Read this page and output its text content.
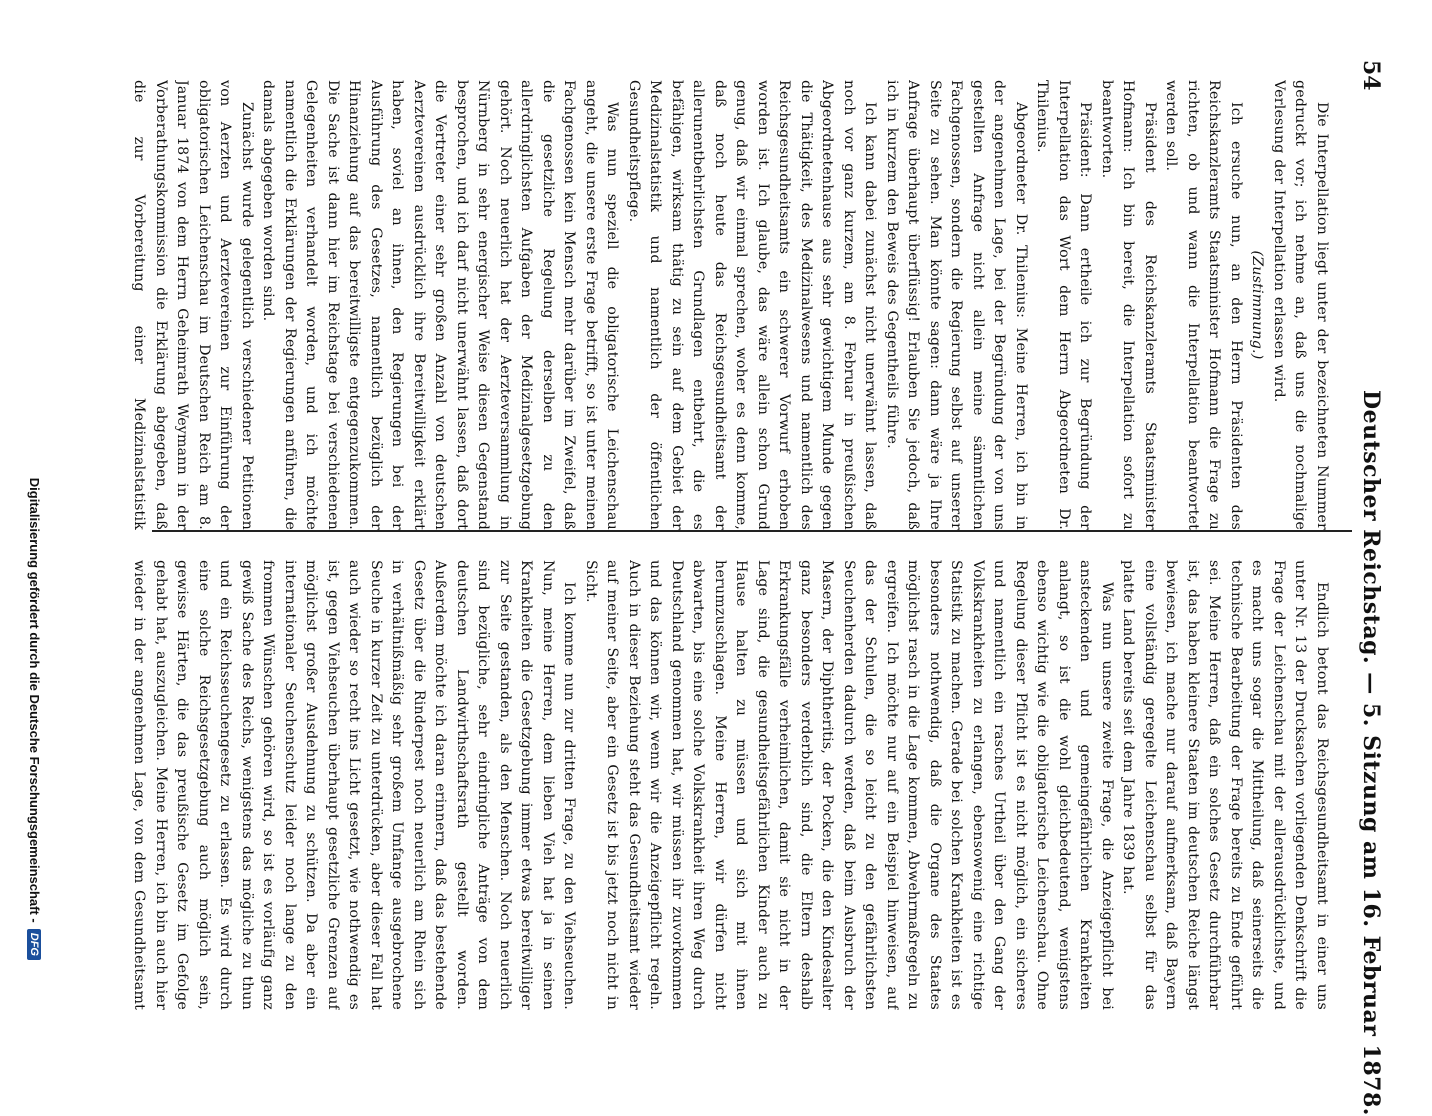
54
Deutscher Reichstag. — 5. Sitzung am 16. Februar 1878.

Die Interpellation liegt unter der bezeichneten Nummer gedruckt vor; ich nehme an, daß uns die nochmalige Verlesung der Interpellation erlassen wird.

(Zustimmung.)

Ich ersuche nun, an den Herrn Präsidenten des Reichskanzleramts Staatsminister Hofmann die Frage zu richten, ob und wann die Interpellation beantwortet werden soll.

Präsident des Reichskanzleramts Staatsminister Hofmann: Ich bin bereit, die Interpellation sofort zu beantworten.

Präsident: Dann ertheile ich zur Begründung der Interpellation das Wort dem Herrn Abgeordneten Dr. Thilenius.

Abgeordneter Dr. Thilenius: Meine Herren, ich bin in der angenehmen Lage, bei der Begründung der von uns gestellten Anfrage nicht allein meine sämmtlichen Fachgenossen, sondern die Regierung selbst auf unserer Seite zu sehen. Man könnte sagen: dann wäre ja Ihre Anfrage überhaupt überflüssig! Erlauben Sie jedoch, daß ich in kurzem den Beweis des Gegentheils führe.

Ich kann dabei zunächst nicht unerwähnt lassen, daß noch vor ganz kurzem, am 8. Februar in preußischen Abgeordnetenhause aus sehr gewichtigem Munde gegen die Thätigkeit, des Medizinalwesens und namentlich des Reichsgesundheitsamts ein schwerer Vorwurf erhoben worden ist. Ich glaube, das wäre allein schon Grund genug, daß wir einmal sprechen, woher es denn komme, daß noch heute das Reichsgesundheitsamt der allerunentbehrlichsten Grundlagen entbehrt, die es befähigen, wirksam thätig zu sein auf dem Gebiet der Medizinalstatistik und namentlich der öffentlichen Gesundheitspflege.

Was nun speziell die obligatorische Leichenschau angeht, die unsere erste Frage betrifft, so ist unter meinen Fachgenossen kein Mensch mehr darüber im Zweifel, daß die gesetzliche Regelung derselben zu den allerdringlichsten Aufgaben der Medizinalgesetzgebung gehört. Noch neuerlich hat der Aerzteversammlung in Nürnberg in sehr energischer Weise diesen Gegenstand besprochen, und ich darf nicht unerwähnt lassen, daß dort die Vertreter einer sehr großen Anzahl von deutschen Aerztevereinen ausdrücklich ihre Bereitwilligkeit erklärt haben, soviel an ihnen, den Regierungen bei der Ausführung des Gesetzes, namentlich bezüglich der Hinanziehung auf das bereitwilligste entgegenzukommen. Die Sache ist dann hier im Reichstage bei verschiedenen Gelegenheiten verhandelt worden, und ich möchte namentlich die Erklärungen der Regierungen anführen, die damals abgegeben worden sind.

Zunächst wurde gelegentlich verschiedener Petitionen von Aerzten und Aerztevereinen zur Einführung der obligatorischen Leichenschau im Deutschen Reich am 8. Januar 1874 von dem Herrn Geheimrath Weymann in der Vorberathungskommission die Erklärung abgegeben, daß die zur Vorbereitung einer Medizinalstatistik

Endlich betont das Reichsgesundheitsamt in einer uns unter Nr. 13 der Drucksachen vorliegenden Denkschrift die Frage der Leichenschau mit der allerausdrücklichste, und es macht uns sogar die Mittheilung, daß seinerseits die technische Bearbeitung der Frage bereits zu Ende geführt sei. Meine Herren, daß ein solches Gesetz durchführbar ist, das haben kleinere Staaten im deutschen Reiche längst bewiesen, ich mache nur darauf aufmerksam, daß Bayern eine vollständig geregelte Leichenschau selbst für das platte Land bereits seit dem Jahre 1839 hat.

Was nun unsere zweite Frage, die Anzeigepflicht bei ansteckenden und gemeingefährlichen Krankheiten anlangt, so ist die wohl gleichbedeutend, wenigstens ebenso wichtig wie die obligatorische Leichenschau. Ohne Regelung dieser Pflicht ist es nicht möglich, ein sicheres und namentlich ein rasches Urtheil über den Gang der Volkskrankheiten zu erlangen, ebensowenig eine richtige Statistik zu machen. Gerade bei solchen Krankheiten ist es besonders nothwendig, daß die Organe des Staates möglichst rasch in die Lage kommen, Abwehrmaßregeln zu ergreifen. Ich möchte nur auf ein Beispiel hinweisen, auf das der Schulen, die so leicht zu den gefährlichsten Seuchenherden dadurch werden, daß beim Ausbruch der Masern, der Diphtheritis, der Pocken, die den Kindesalter ganz besonders verderblich sind, die Eltern deshalb Erkrankungsfälle verheimlichen, damit sie nicht in der Lage sind, die gesundheitsgefährlichen Kinder auch zu Hause halten zu müssen und sich mit ihnen herumzuschlagen. Meine Herren, wir dürfen nicht abwarten, bis eine solche Volkskrankheit ihren Weg durch Deutschland genommen hat, wir müssen ihr zuvorkommen und das können wir, wenn wir die Anzeigepflicht regeln. Auch in dieser Beziehung steht das Gesundheitsamt wieder auf meiner Seite, aber ein Gesetz ist bis jetzt noch nicht in Sicht.

Ich komme nun zur dritten Frage, zu den Viehseuchen. Nun, meine Herren, dem lieben Vieh hat ja in seinen Krankheiten die Gesetzgebung immer etwas bereitwilliger zur Seite gestanden, als den Menschen. Noch neuerlich sind bezügliche, sehr eindringliche Anträge von dem deutschen Landwirthschaftsrath gestellt worden. Außerdem möchte ich daran erinnern, daß das bestehende Gesetz über die Rinderpest noch neuerlich am Rhein sich in verhältnißmäßig sehr großem Umfange ausgebrochene Seuche in kurzer Zeit zu unterdrücken, aber dieser Fall hat auch wieder so recht ins Licht gesetzt, wie nothwendig es ist, gegen Viehseuchen überhaupt gesetzliche Grenzen auf möglichst großer Ausdehnung zu schützen. Da aber ein internationaler Seuchenschutz leider noch lange zu den frommen Wünschen gehören wird, so ist es vorläufig ganz gewiß Sache des Reichs, wenigstens das mögliche zu thun und ein Reichsseuchengesetz zu erlassen. Es wird durch eine solche Reichsgesetzgebung auch möglich sein, gewisse Härten, die das preußische Gesetz im Gefolge gehabt hat, auszugleichen. Meine Herren, ich bin auch hier wieder in der angenehmen Lage, von dem Gesundheitsamt

Digitalisierung gefördert durch die Deutsche Forschungsgemeinschaft -
DFG
